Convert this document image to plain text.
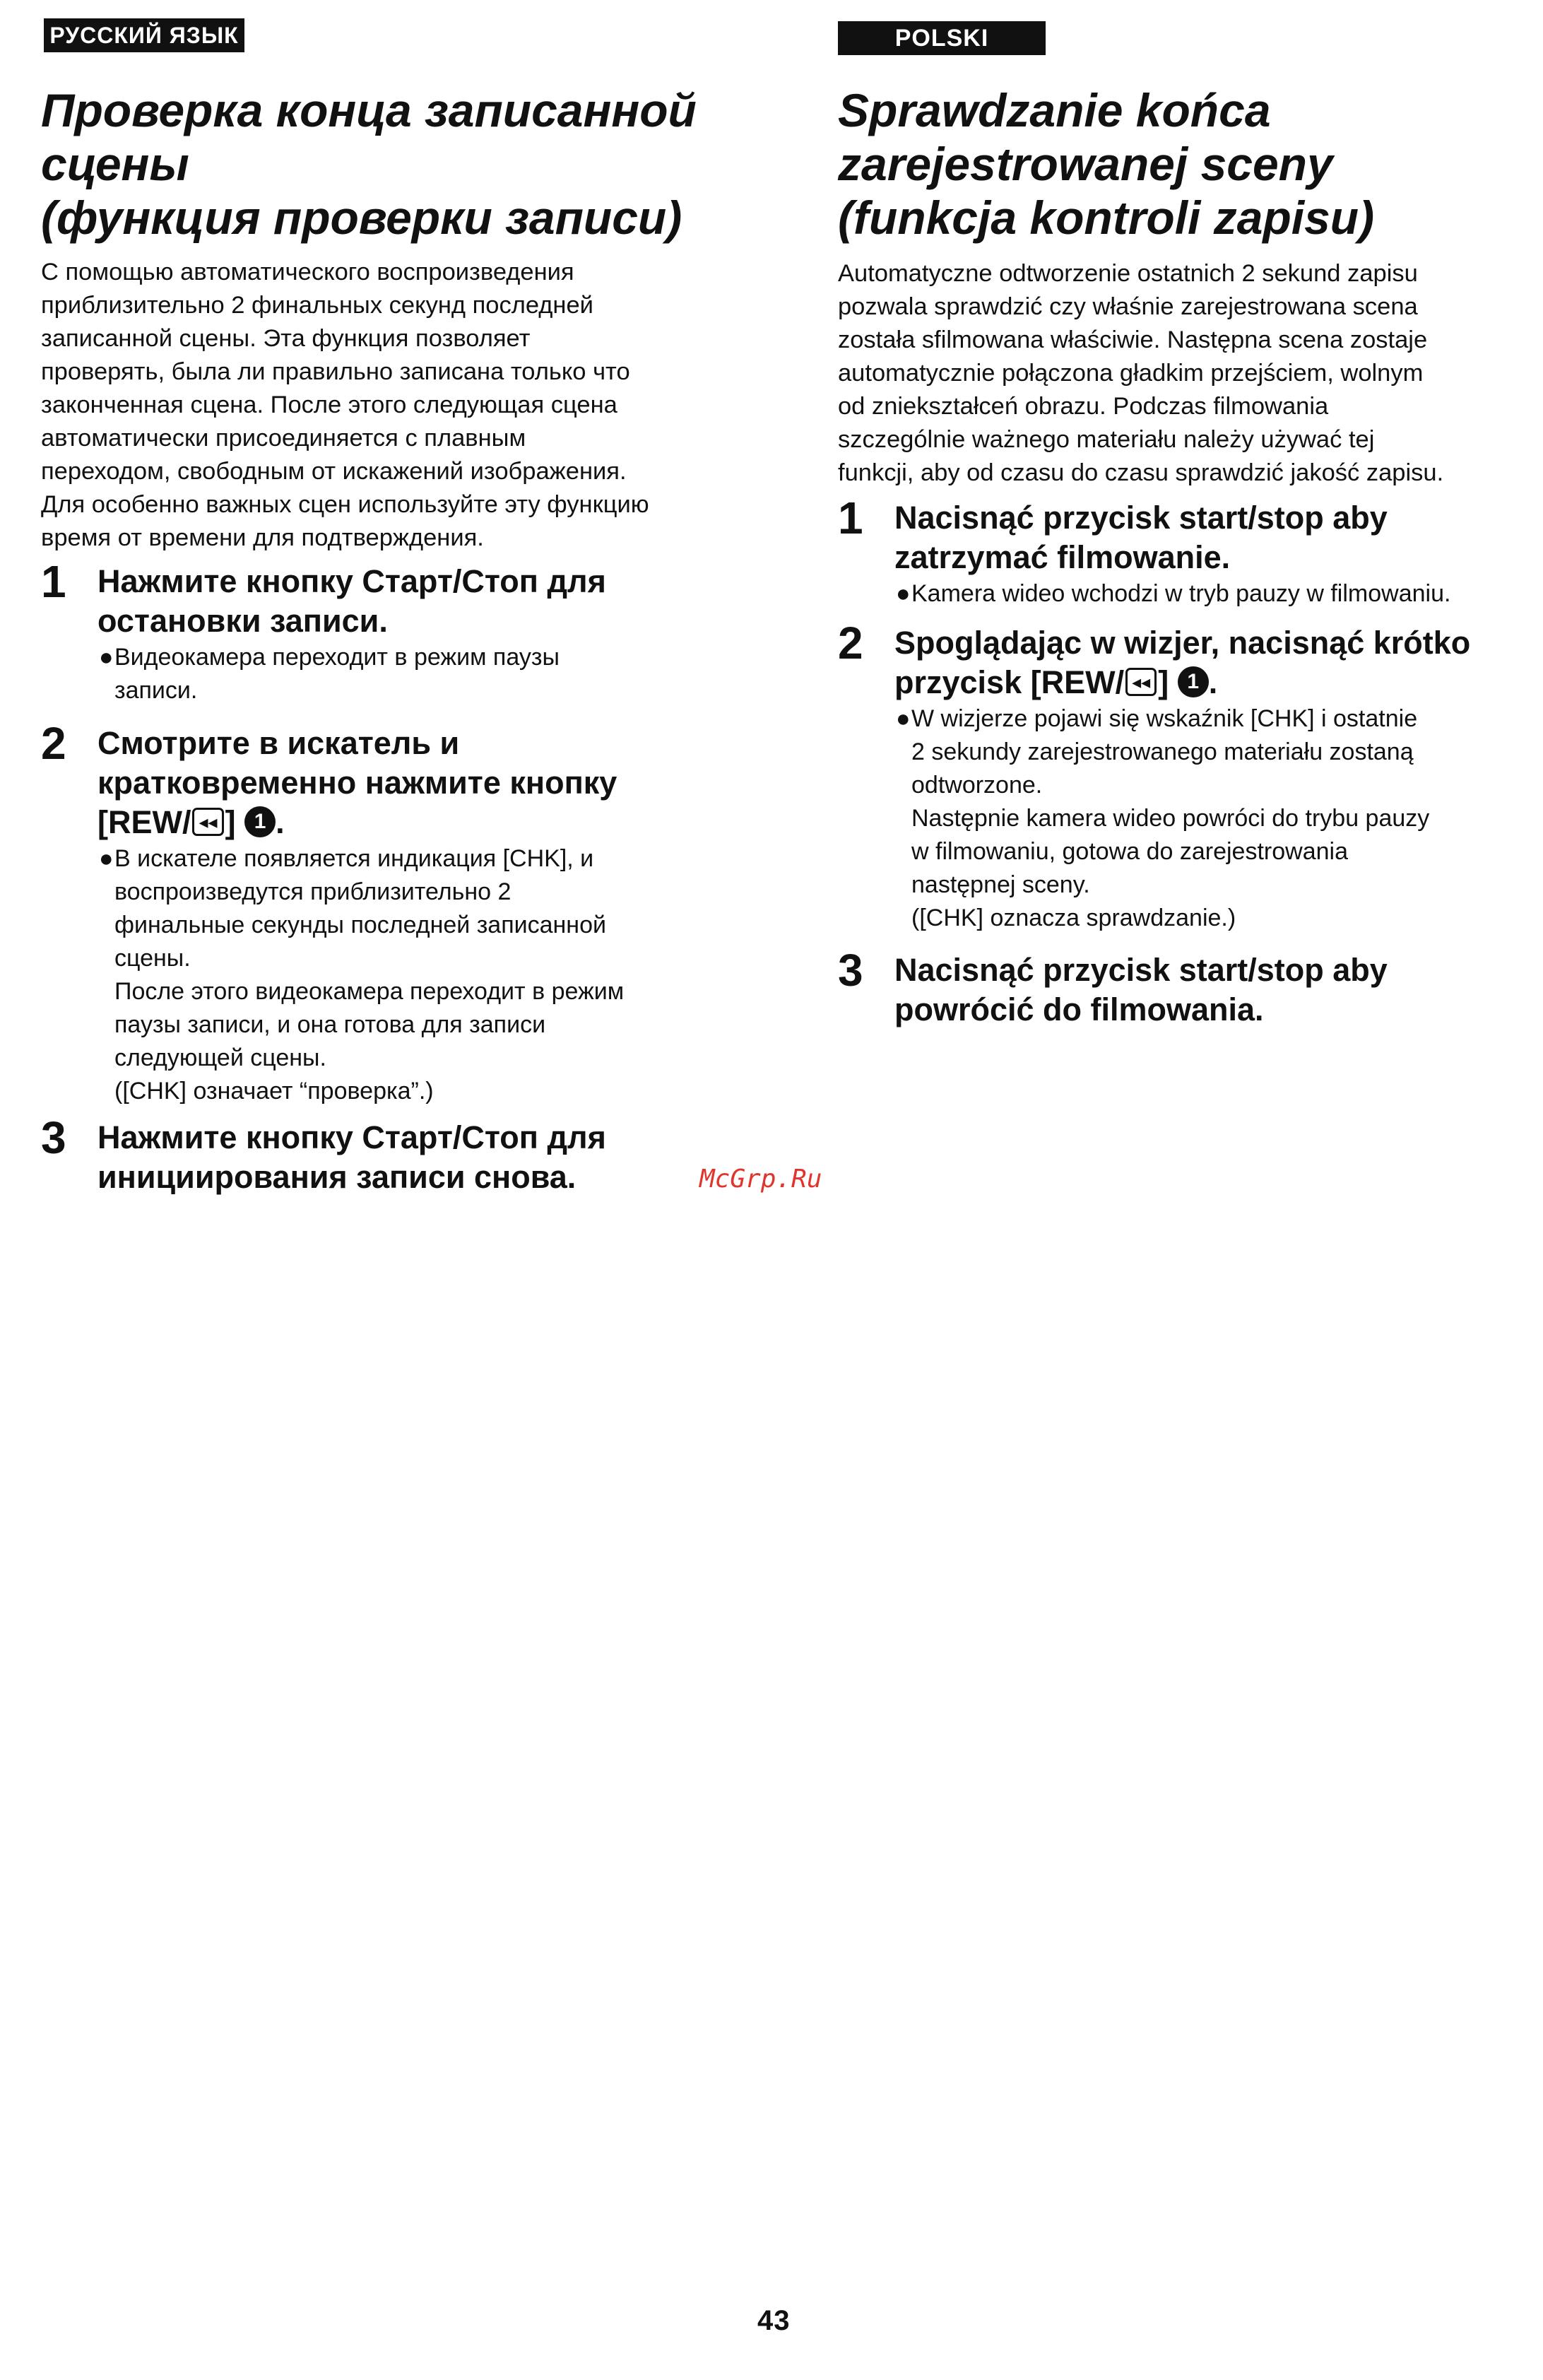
РУССКИЙ ЯЗЫК
Проверка конца записанной
сцены
(функция проверки записи)

С помощью автоматического воспроизведения
приблизительно 2 финальных секунд последней
записанной сцены. Эта функция позволяет
проверять, была ли правильно записана только что
законченная сцена. После этого следующая сцена
автоматически присоединяется с плавным
переходом, свободным от искажений изображения.
Для особенно важных сцен используйте эту функцию
время от времени для подтверждения.

1 Нажмите кнопку Старт/Стоп для
остановки записи.

● Видеокамера переходит в режим паузы

записи.

2 Смотрите в искатель и
кратковременно нажмите кнопку
[REW/ ◂◂ ] 1 .

● В искателе появляется индикация [CHK], и

воспроизведутся приблизительно 2

финальные секунды последней записанной

сцены.

После этого видеокамера переходит в режим

паузы записи, и она готова для записи

следующей сцены.

([CHK] означает “проверка”.)

3 Нажмите кнопку Старт/Стоп для
инициирования записи снова.
POLSKI
Sprawdzanie końca
zarejestrowanej sceny
(funkcja kontroli zapisu)

Automatyczne odtworzenie ostatnich 2 sekund zapisu
pozwala sprawdzić czy właśnie zarejestrowana scena
została sfilmowana właściwie. Następna scena zostaje
automatycznie połączona gładkim przejściem, wolnym
od zniekształceń obrazu. Podczas filmowania
szczególnie ważnego materiału należy używać tej
funkcji, aby od czasu do czasu sprawdzić jakość zapisu.

1 Nacisnąć przycisk start/stop aby
zatrzymać filmowanie.

● Kamera wideo wchodzi w tryb pauzy w filmowaniu.

2 Spoglądając w wizjer, nacisnąć krótko
przycisk [REW/ ◂◂ ] 1 .

● W wizjerze pojawi się wskaźnik [CHK] i ostatnie

2 sekundy zarejestrowanego materiału zostaną

odtworzone.

Następnie kamera wideo powróci do trybu pauzy

w filmowaniu, gotowa do zarejestrowania

następnej sceny.

([CHK] oznacza sprawdzanie.)

3 Nacisnąć przycisk start/stop aby
powrócić do filmowania.
McGrp.Ru
43
